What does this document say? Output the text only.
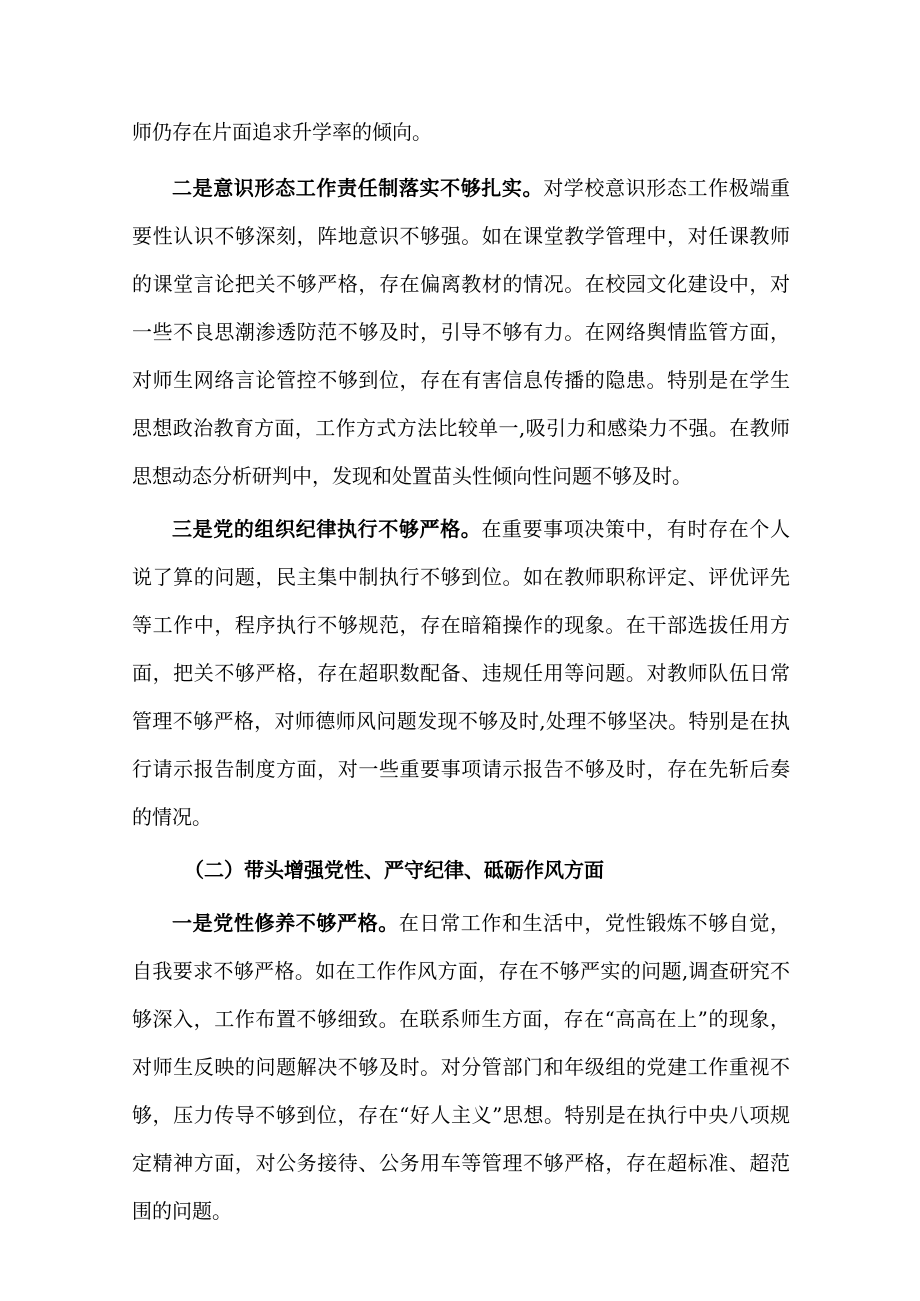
师仍存在片面追求升学率的倾向。

二是意识形态工作责任制落实不够扎实。对学校意识形态工作极端重要性认识不够深刻，阵地意识不够强。如在课堂教学管理中，对任课教师的课堂言论把关不够严格，存在偏离教材的情况。在校园文化建设中，对一些不良思潮渗透防范不够及时，引导不够有力。在网络舆情监管方面，对师生网络言论管控不够到位，存在有害信息传播的隐患。特别是在学生思想政治教育方面，工作方式方法比较单一,吸引力和感染力不强。在教师思想动态分析研判中，发现和处置苗头性倾向性问题不够及时。

三是党的组织纪律执行不够严格。在重要事项决策中，有时存在个人说了算的问题，民主集中制执行不够到位。如在教师职称评定、评优评先等工作中，程序执行不够规范，存在暗箱操作的现象。在干部选拔任用方面，把关不够严格，存在超职数配备、违规任用等问题。对教师队伍日常管理不够严格，对师德师风问题发现不够及时,处理不够坚决。特别是在执行请示报告制度方面，对一些重要事项请示报告不够及时，存在先斩后奏的情况。

（二）带头增强党性、严守纪律、砥砺作风方面

一是党性修养不够严格。在日常工作和生活中，党性锻炼不够自觉，自我要求不够严格。如在工作作风方面，存在不够严实的问题,调查研究不够深入，工作布置不够细致。在联系师生方面，存在“高高在上”的现象，对师生反映的问题解决不够及时。对分管部门和年级组的党建工作重视不够，压力传导不够到位，存在“好人主义”思想。特别是在执行中央八项规定精神方面，对公务接待、公务用车等管理不够严格，存在超标准、超范围的问题。
